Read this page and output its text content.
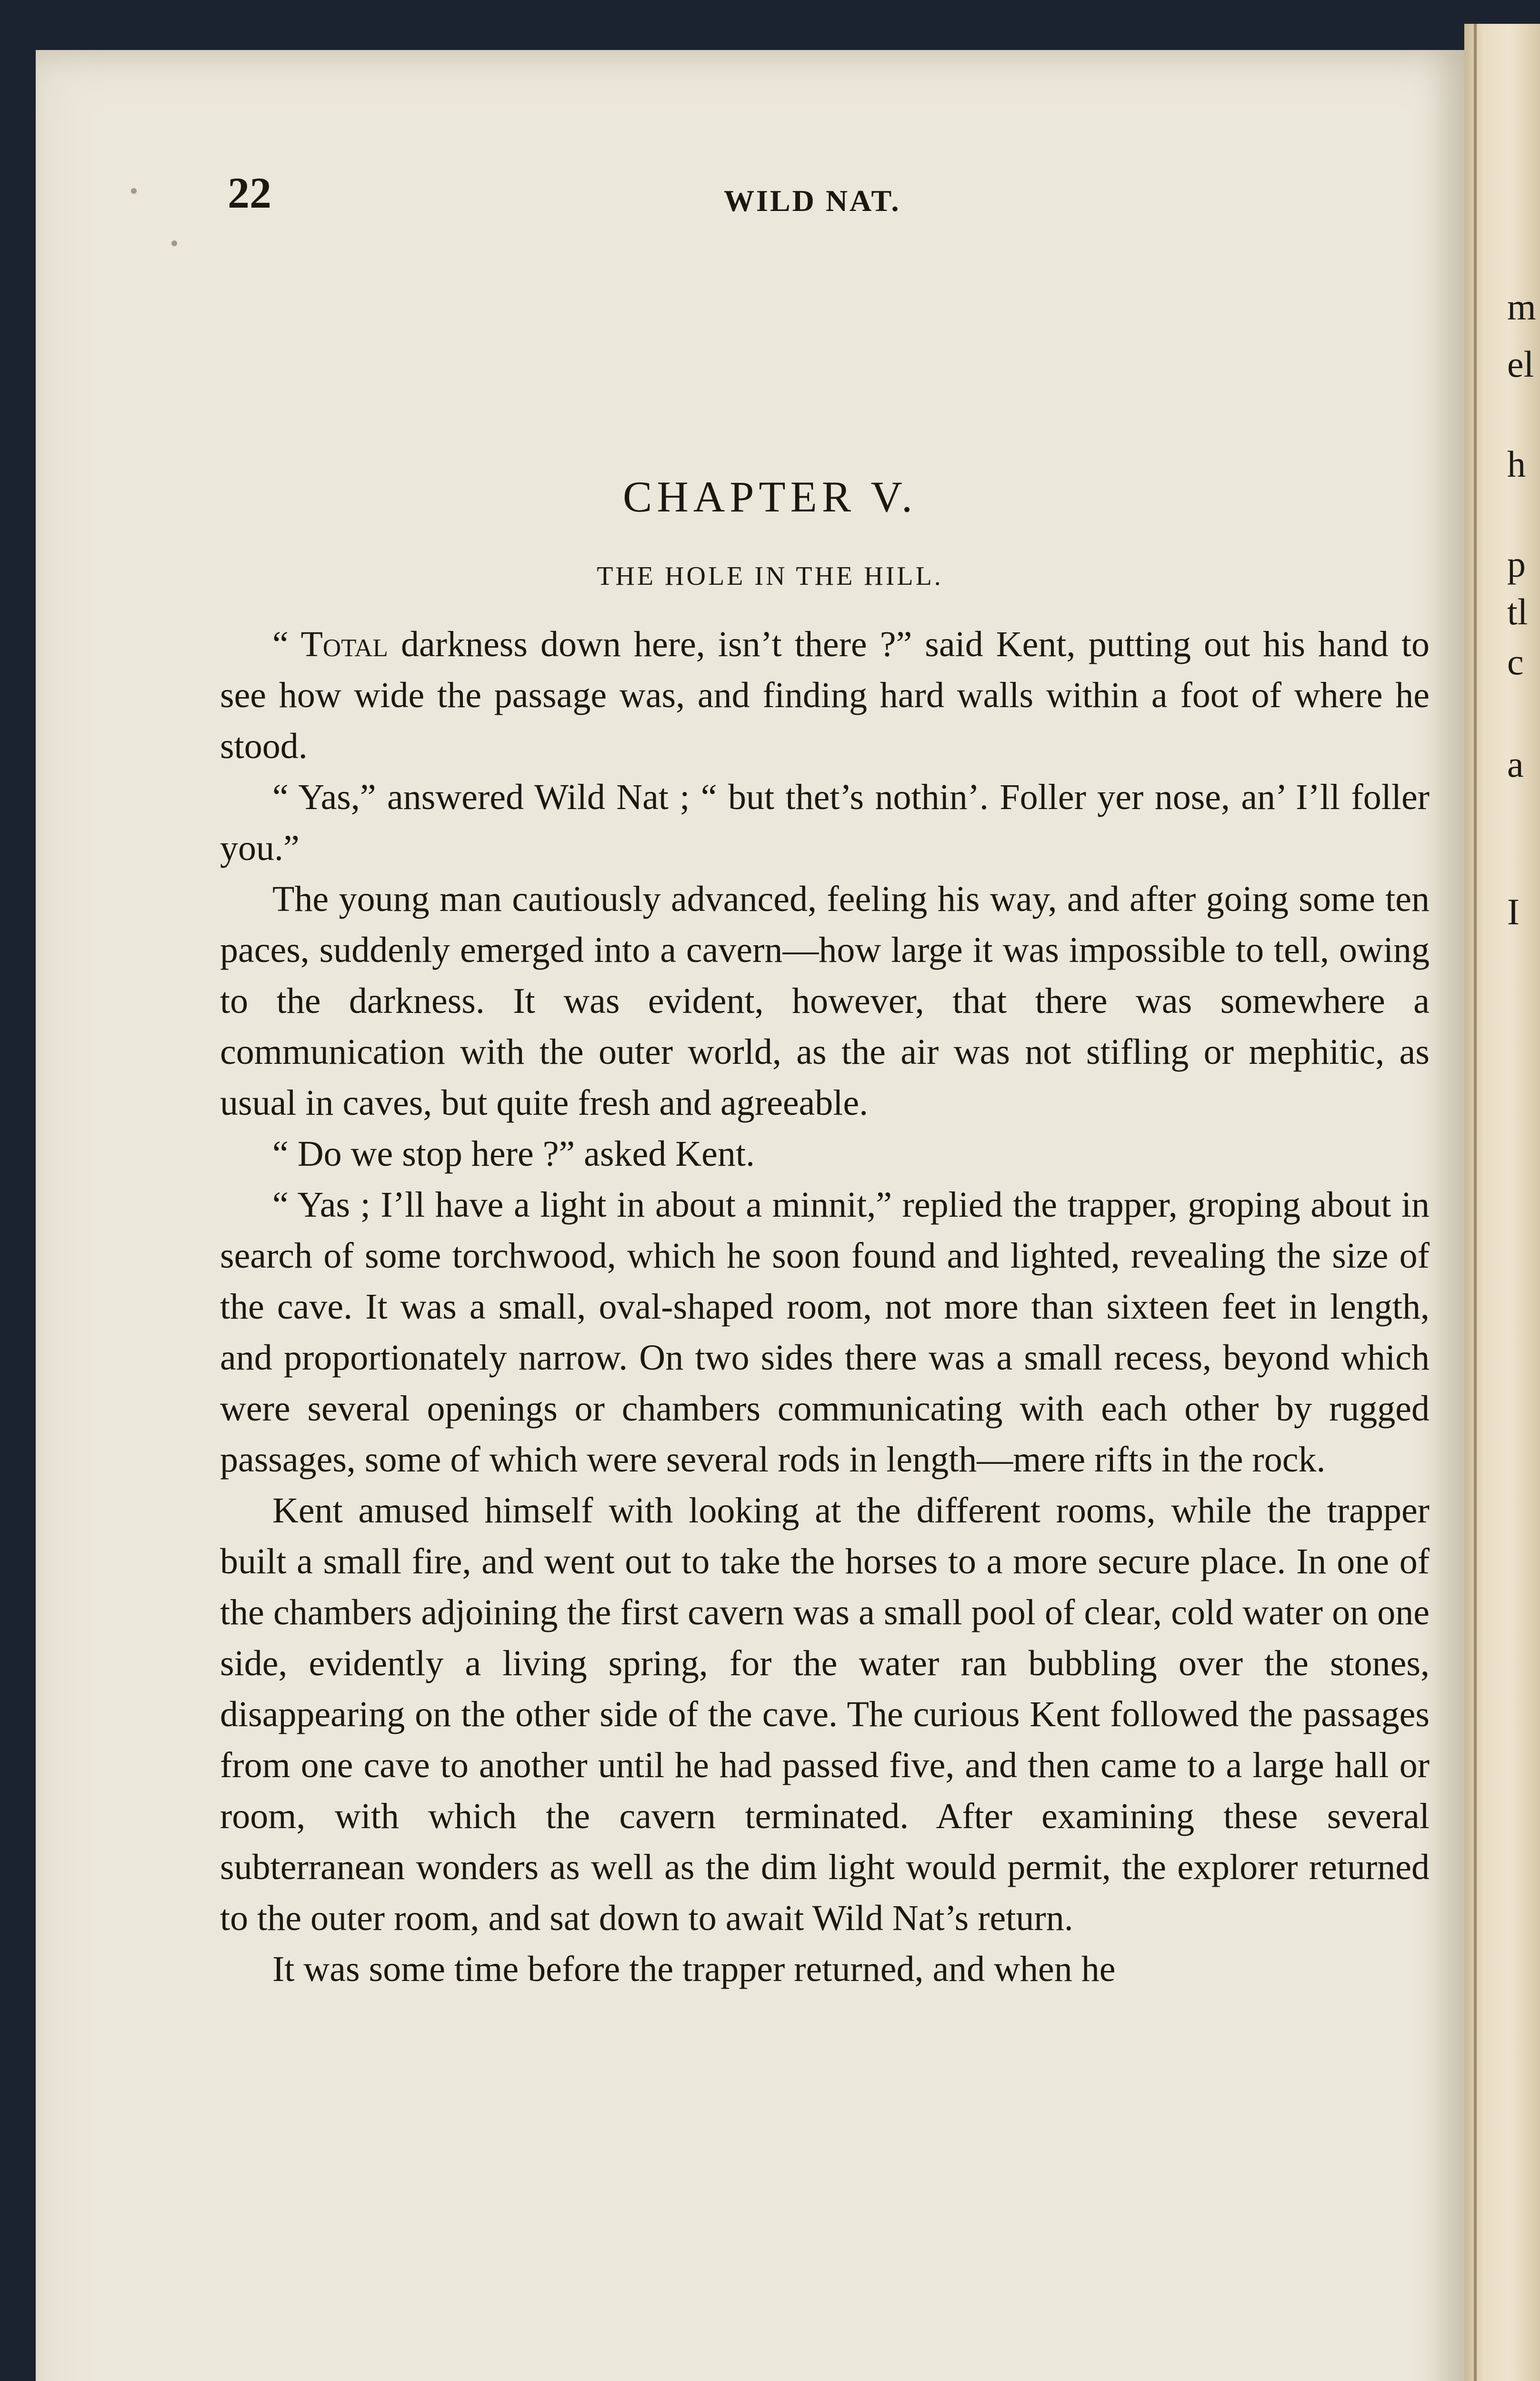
m
el
h
p
tl
c
a
I
22	WILD NAT.
CHAPTER V.
THE HOLE IN THE HILL.

“ Total darkness down here, isn’t there ?” said Kent, putting out his hand to see how wide the passage was, and finding hard walls within a foot of where he stood.

“ Yas,” answered Wild Nat ; “ but thet’s nothin’. Foller yer nose, an’ I’ll foller you.”

The young man cautiously advanced, feeling his way, and after going some ten paces, suddenly emerged into a cavern—how large it was impossible to tell, owing to the darkness. It was evident, however, that there was somewhere a communication with the outer world, as the air was not stifling or mephitic, as usual in caves, but quite fresh and agreeable.

“ Do we stop here ?” asked Kent.

“ Yas ; I’ll have a light in about a minnit,” replied the trapper, groping about in search of some torchwood, which he soon found and lighted, revealing the size of the cave. It was a small, oval-shaped room, not more than sixteen feet in length, and proportionately narrow. On two sides there was a small recess, beyond which were several openings or chambers communicating with each other by rugged passages, some of which were several rods in length—mere rifts in the rock.

Kent amused himself with looking at the different rooms, while the trapper built a small fire, and went out to take the horses to a more secure place. In one of the chambers adjoining the first cavern was a small pool of clear, cold water on one side, evidently a living spring, for the water ran bubbling over the stones, disappearing on the other side of the cave. The curious Kent followed the passages from one cave to another until he had passed five, and then came to a large hall or room, with which the cavern terminated. After examining these several subterranean wonders as well as the dim light would permit, the explorer returned to the outer room, and sat down to await Wild Nat’s return.

It was some time before the trapper returned, and when he
